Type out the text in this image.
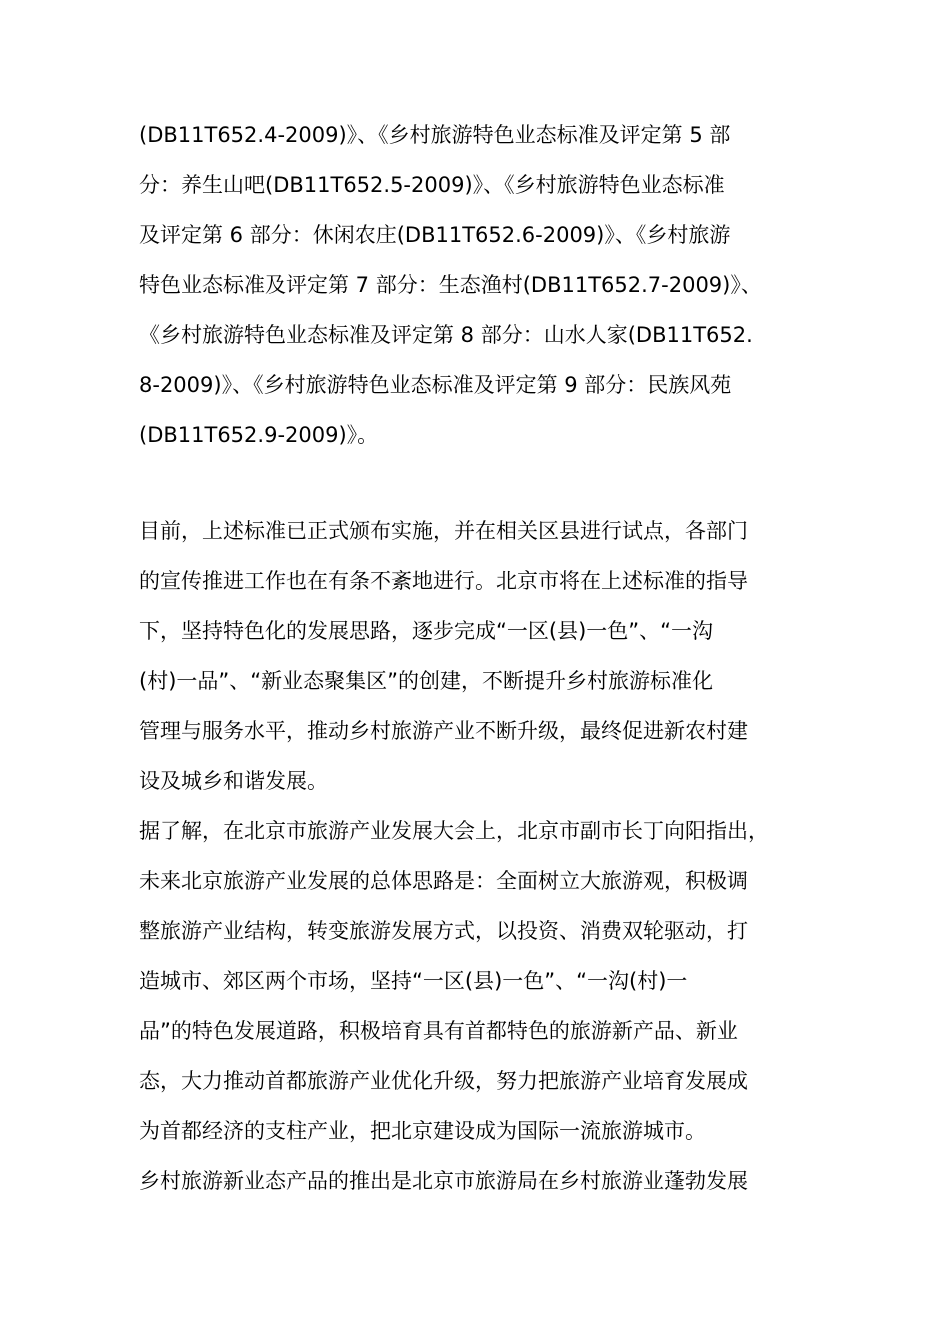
(DB11T652.4-2009)》、《乡村旅游特色业态标准及评定第 5 部
分：养生山吧(DB11T652.5-2009)》、《乡村旅游特色业态标准
及评定第 6 部分：休闲农庄(DB11T652.6-2009)》、《乡村旅游
特色业态标准及评定第 7 部分：生态渔村(DB11T652.7-2009)》、
《乡村旅游特色业态标准及评定第 8 部分：山水人家(DB11T652.
8-2009)》、《乡村旅游特色业态标准及评定第 9 部分：民族风苑
(DB11T652.9-2009)》。
目前，上述标准已正式颁布实施，并在相关区县进行试点，各部门
的宣传推进工作也在有条不紊地进行。北京市将在上述标准的指导
下，坚持特色化的发展思路，逐步完成“一区(县)一色”、“一沟
(村)一品”、“新业态聚集区”的创建，不断提升乡村旅游标准化
管理与服务水平，推动乡村旅游产业不断升级，最终促进新农村建
设及城乡和谐发展。
据了解，在北京市旅游产业发展大会上，北京市副市长丁向阳指出，
未来北京旅游产业发展的总体思路是：全面树立大旅游观，积极调
整旅游产业结构，转变旅游发展方式，以投资、消费双轮驱动，打
造城市、郊区两个市场，坚持“一区(县)一色”、“一沟(村)一
品”的特色发展道路，积极培育具有首都特色的旅游新产品、新业
态，大力推动首都旅游产业优化升级，努力把旅游产业培育发展成
为首都经济的支柱产业，把北京建设成为国际一流旅游城市。
乡村旅游新业态产品的推出是北京市旅游局在乡村旅游业蓬勃发展
